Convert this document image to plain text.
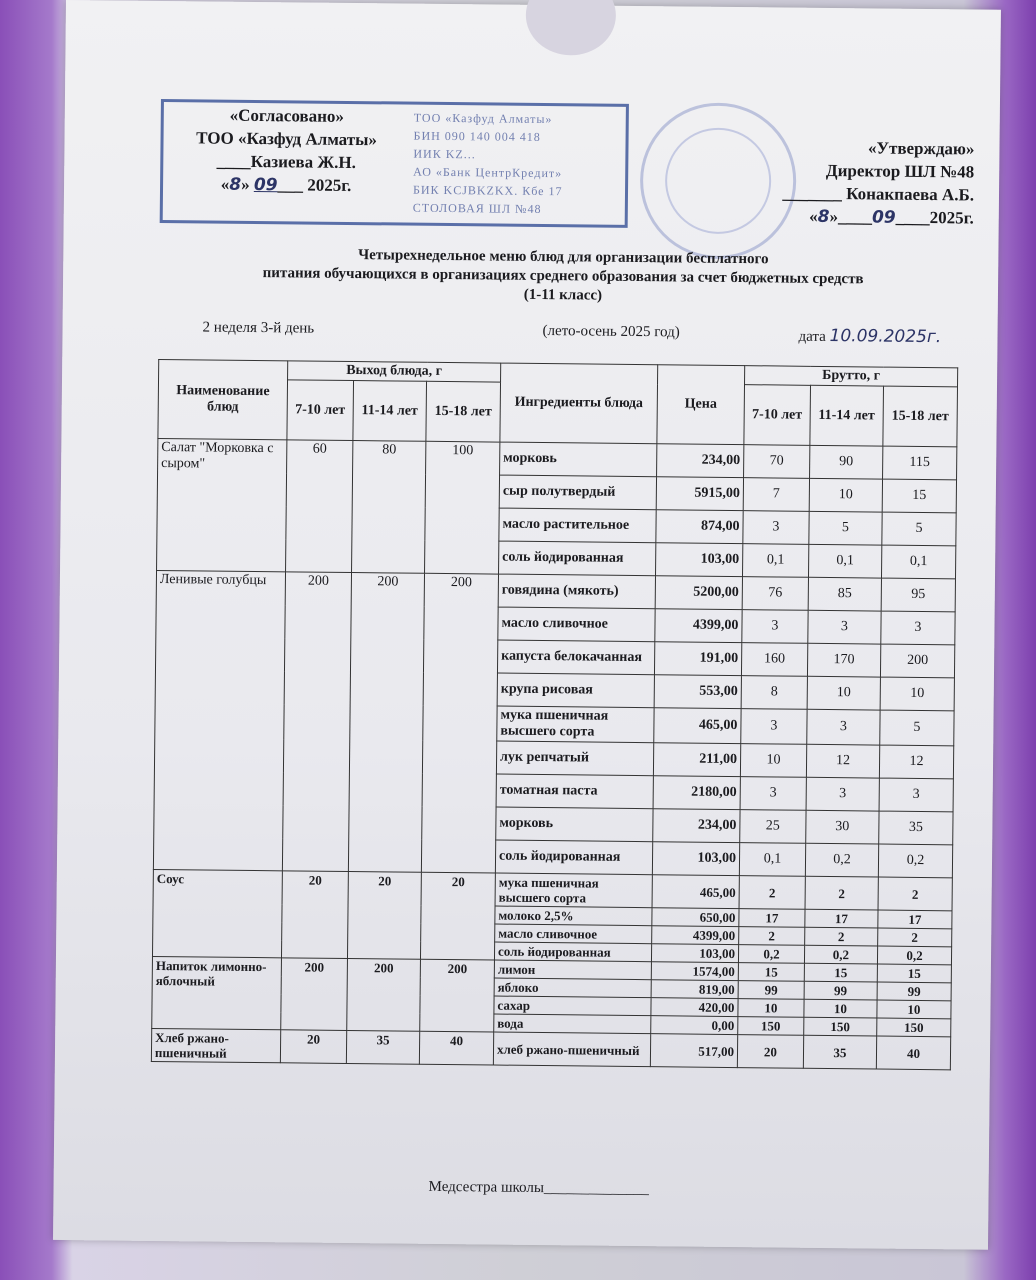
ТОО «Казфуд Алматы»
БИН 090 140 004 418
ИИК KZ...
АО «Банк ЦентрКредит»
БИК KCJBKZKX. Кбе 17
СТОЛОВАЯ ШЛ №48
«Согласовано»
ТОО «Казфуд Алматы»
____Казиева Ж.Н.
«8» 09___ 2025г.
«Утверждаю»
Директор ШЛ №48
_______ Конакпаева А.Б.
«8»____09____2025г.
Четырехнедельное меню блюд для организации бесплатного
питания обучающихся в организациях среднего образования за счет бюджетных средств
(1-11 класс)
2 неделя 3-й день	(лето-осень 2025 год)	дата 10.09.2025г.
Наименование блюд	Выход блюда, г			Ингредиенты блюда	Цена	Брутто, г		
	7-10 лет	11-14 лет	15-18 лет			7-10 лет	11-14 лет	15-18 лет
Салат "Морковка с сыром"	60	80	100	морковь	234,00	70	90	115
				сыр полутвердый	5915,00	7	10	15
				масло растительное	874,00	3	5	5
				соль йодированная	103,00	0,1	0,1	0,1
Ленивые голубцы	200	200	200	говядина (мякоть)	5200,00	76	85	95
				масло сливочное	4399,00	3	3	3
				капуста белокачанная	191,00	160	170	200
				крупа рисовая	553,00	8	10	10
				мука пшеничная высшего сорта	465,00	3	3	5
				лук репчатый	211,00	10	12	12
				томатная паста	2180,00	3	3	3
				морковь	234,00	25	30	35
				соль йодированная	103,00	0,1	0,2	0,2
Соус	20	20	20	мука пшеничная высшего сорта	465,00	2	2	2
				молоко 2,5%	650,00	17	17	17
				масло сливочное	4399,00	2	2	2
				соль йодированная	103,00	0,2	0,2	0,2
Напиток лимонно-яблочный	200	200	200	лимон	1574,00	15	15	15
				яблоко	819,00	99	99	99
				сахар	420,00	10	10	10
				вода	0,00	150	150	150
Хлеб ржано-пшеничный	20	35	40	хлеб ржано-пшеничный	517,00	20	35	40
Медсестра школы______________
